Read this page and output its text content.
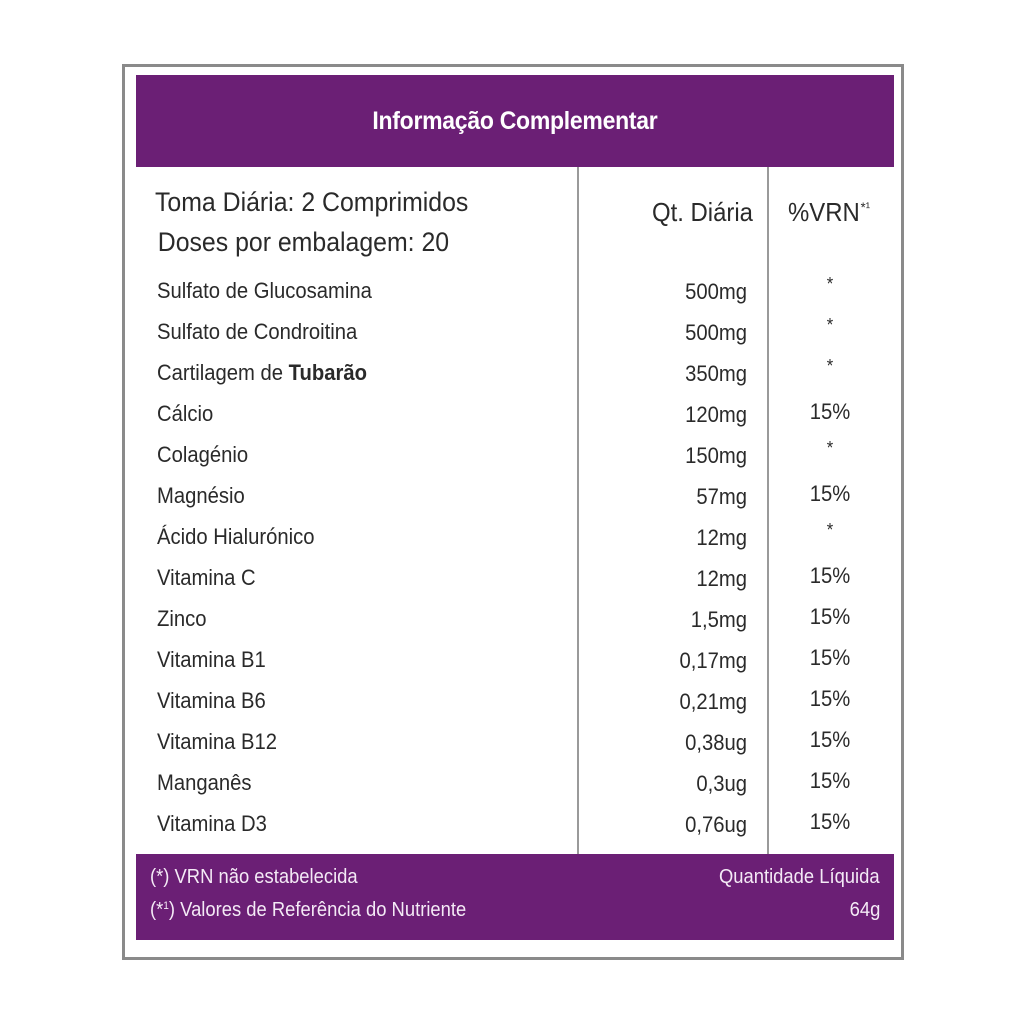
Informação Complementar
Toma Diária: 2 Comprimidos
Doses por embalagem: 20
Qt. Diária	$\%VRN^{*^1}$
Sulfato de Glucosamina	500mg	*
Sulfato de Condroitina	500mg	*
Cartilagem de Tubarão	350mg	*
Cálcio	120mg	15%
Colagénio	150mg	*
Magnésio	57mg	15%
Ácido Hialurónico	12mg	*
Vitamina C	12mg	15%
Zinco	1,5mg	15%
Vitamina B1	0,17mg	15%
Vitamina B6	0,21mg	15%
Vitamina B12	0,38ug	15%
Manganês	0,3ug	15%
Vitamina D3	0,76ug	15%
(*) VRN não estabelecida
(*$^1$) Valores de Referência do Nutriente
Quantidade Líquida
64g
